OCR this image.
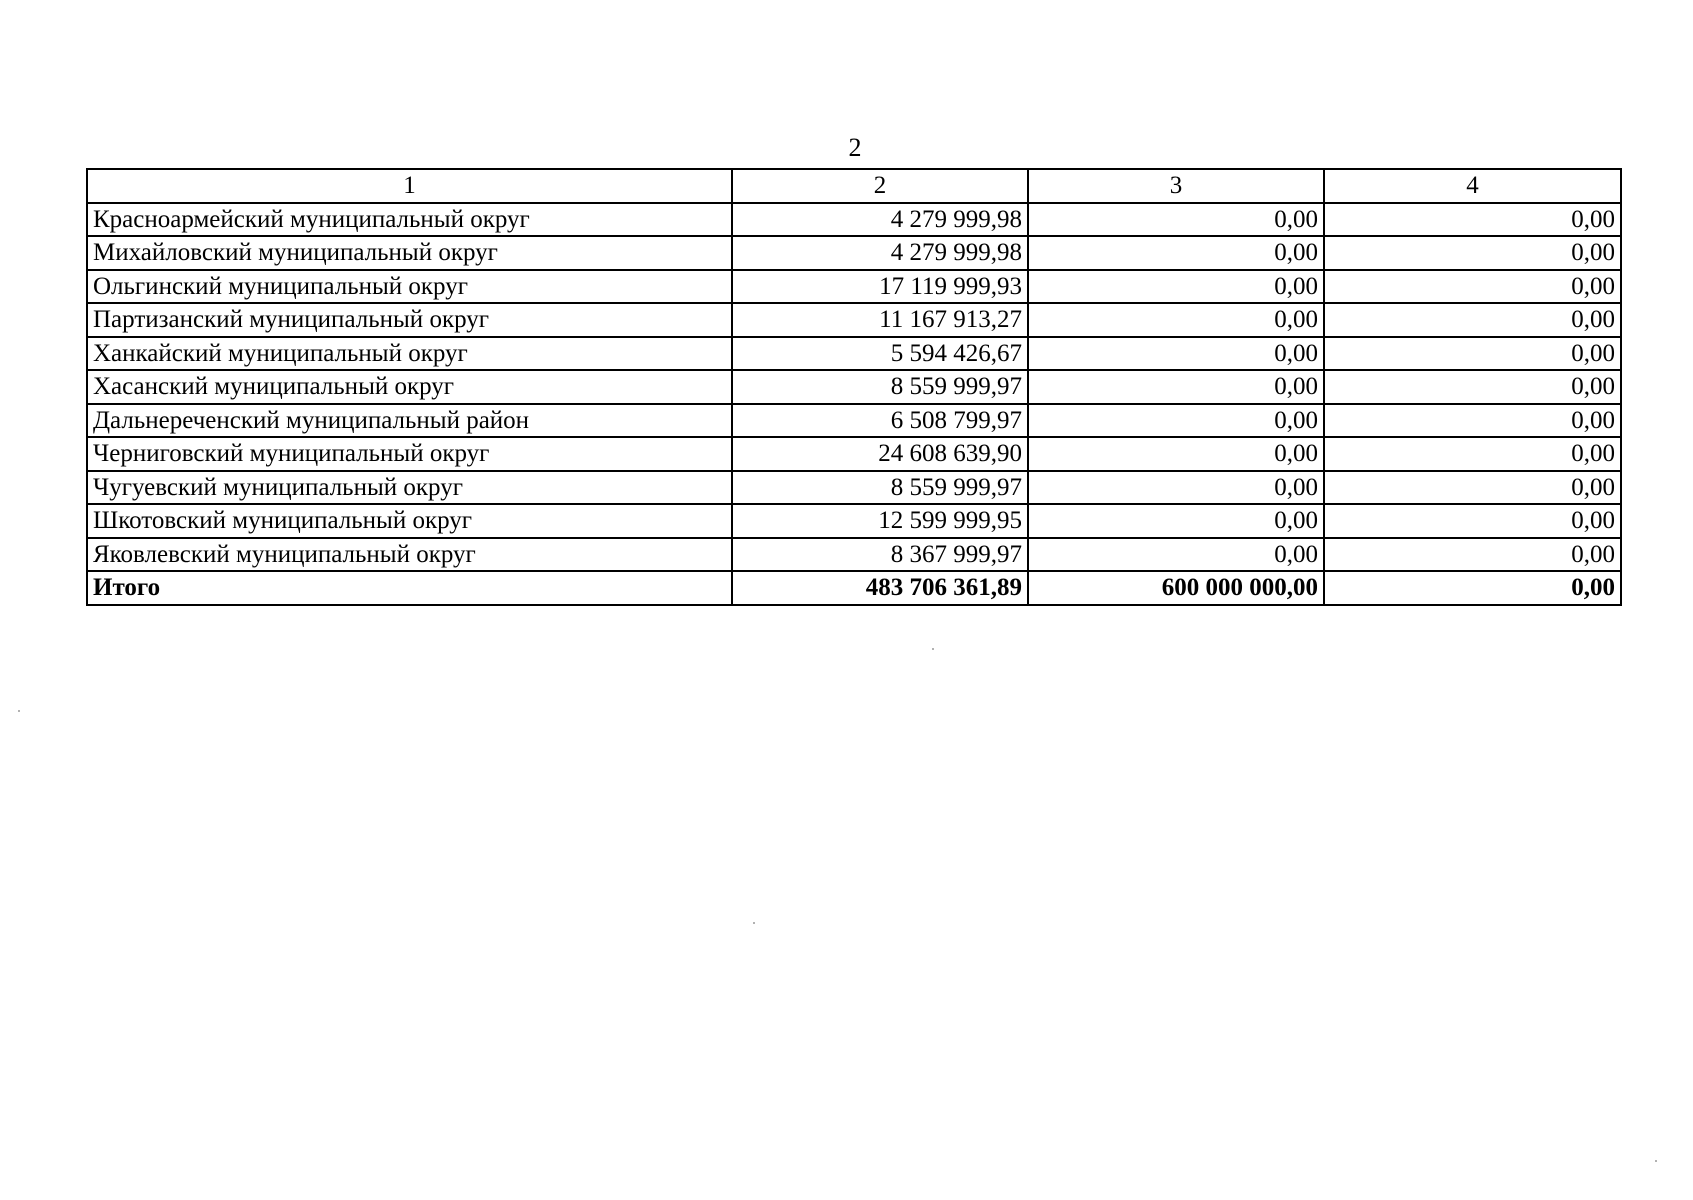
2
1	2	3	4
Красноармейский муниципальный округ	4 279 999,98	0,00	0,00
Михайловский муниципальный округ	4 279 999,98	0,00	0,00
Ольгинский муниципальный округ	17 119 999,93	0,00	0,00
Партизанский муниципальный округ	11 167 913,27	0,00	0,00
Ханкайский муниципальный округ	5 594 426,67	0,00	0,00
Хасанский муниципальный округ	8 559 999,97	0,00	0,00
Дальнереченский муниципальный район	6 508 799,97	0,00	0,00
Черниговский муниципальный округ	24 608 639,90	0,00	0,00
Чугуевский муниципальный округ	8 559 999,97	0,00	0,00
Шкотовский муниципальный округ	12 599 999,95	0,00	0,00
Яковлевский муниципальный округ	8 367 999,97	0,00	0,00
Итого	483 706 361,89	600 000 000,00	0,00
